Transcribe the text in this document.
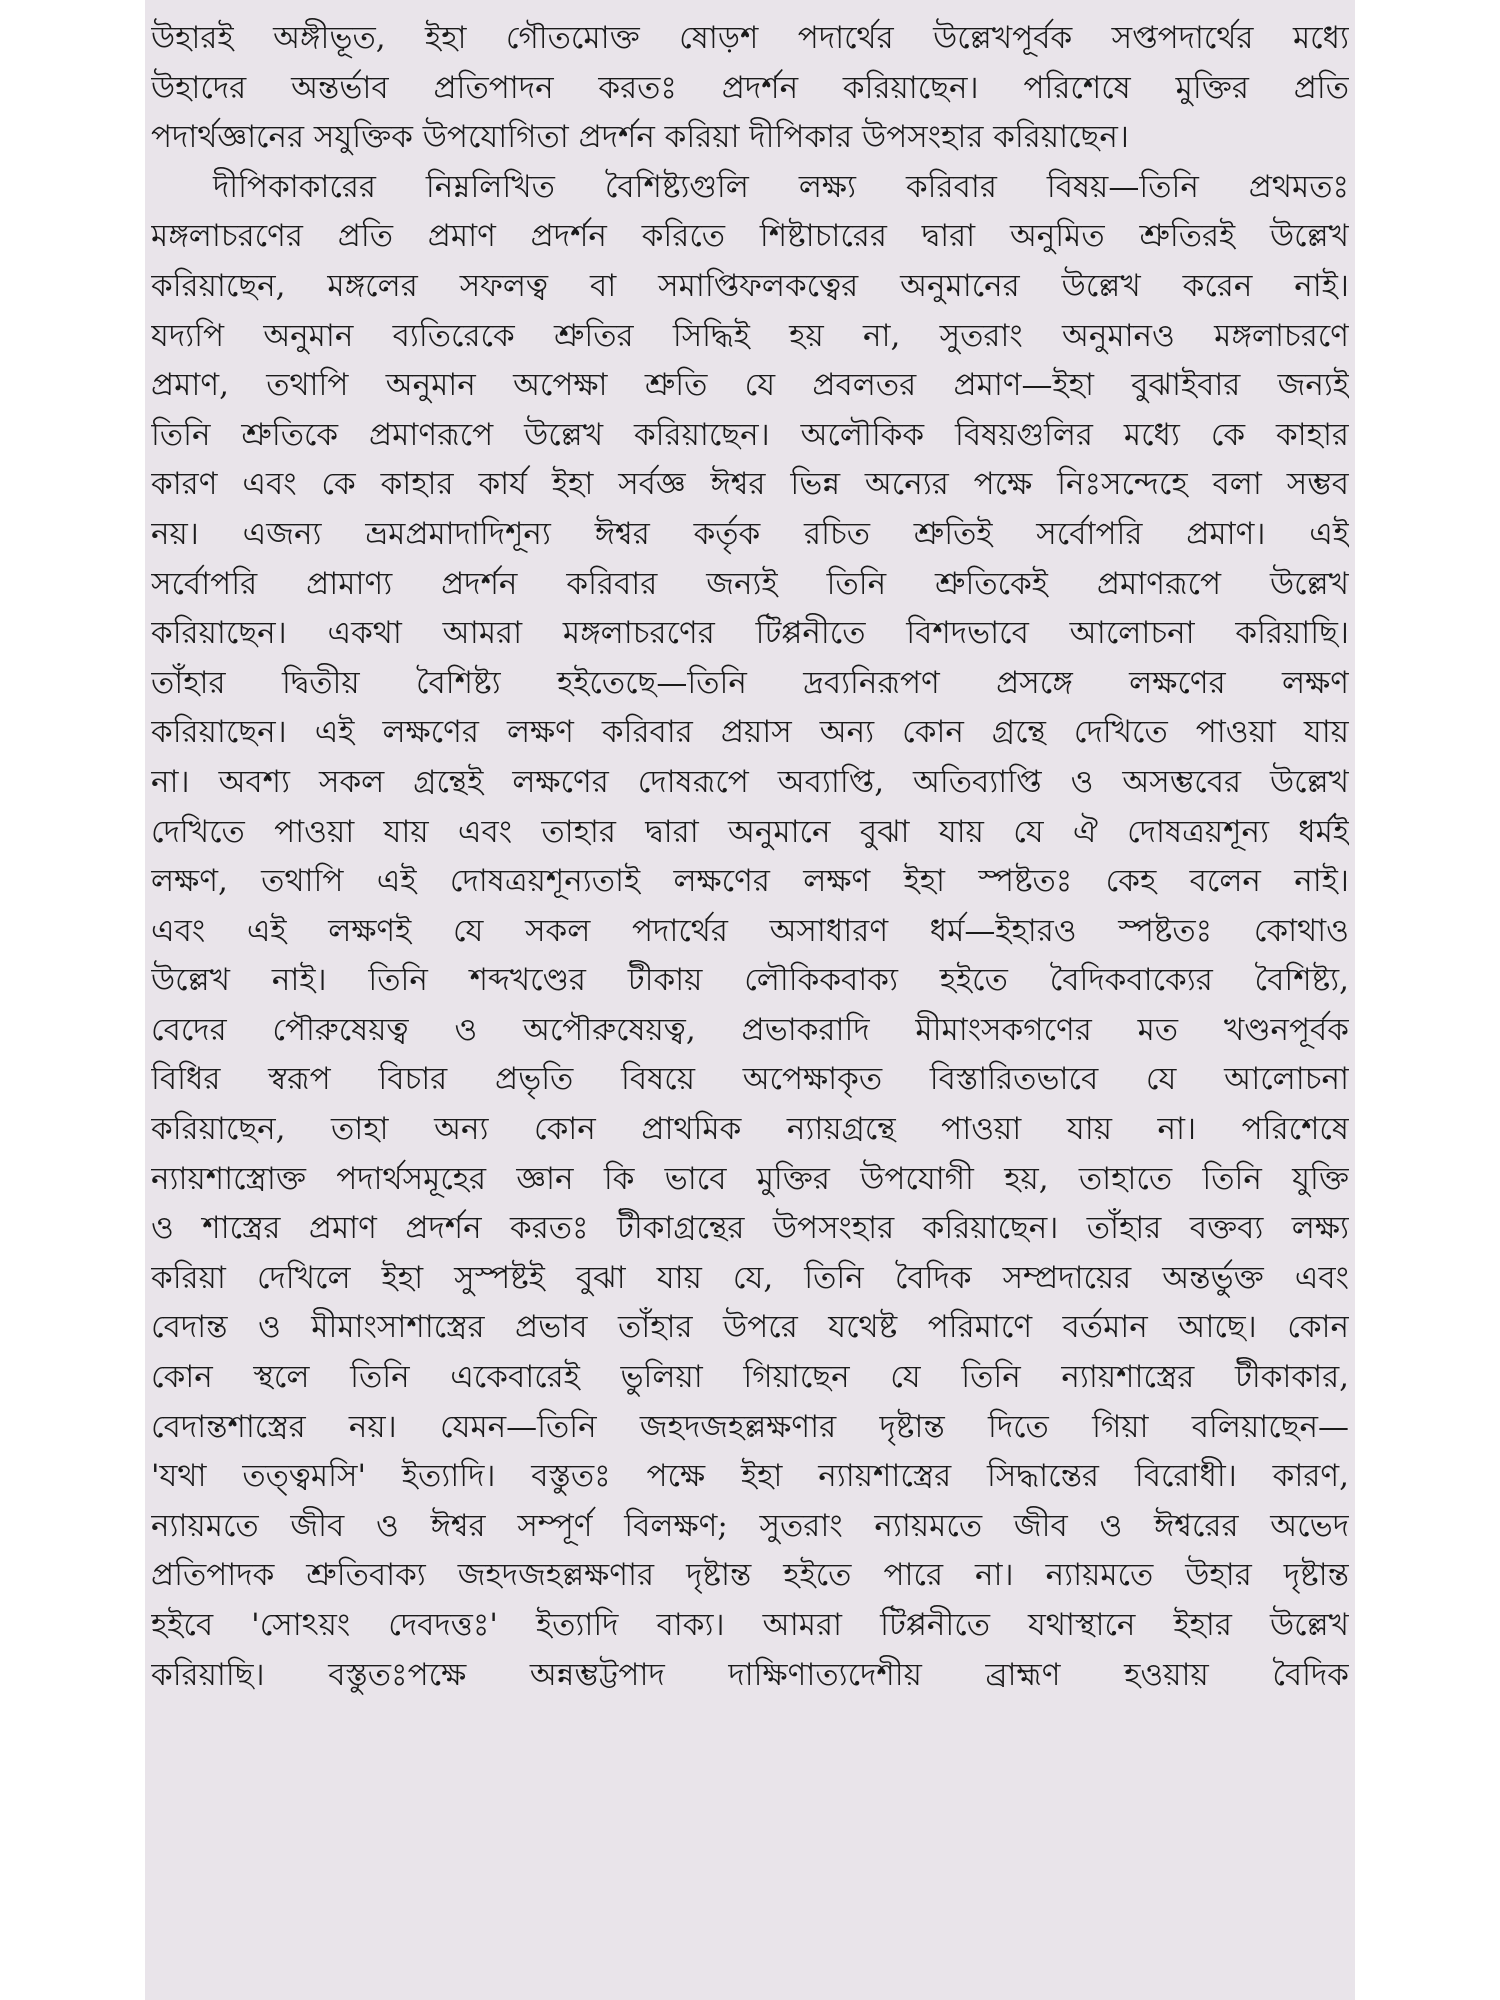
উহারই অঙ্গীভূত, ইহা গৌতমোক্ত ষোড়শ পদার্থের উল্লেখপূর্বক সপ্তপদার্থের মধ্যে
উহাদের অন্তর্ভাব প্রতিপাদন করতঃ প্রদর্শন করিয়াছেন। পরিশেষে মুক্তির প্রতি
পদার্থজ্ঞানের সযুক্তিক উপযোগিতা প্রদর্শন করিয়া দীপিকার উপসংহার করিয়াছেন।
দীপিকাকারের নিম্নলিখিত বৈশিষ্ট্যগুলি লক্ষ্য করিবার বিষয়—তিনি প্রথমতঃ
মঙ্গলাচরণের প্রতি প্রমাণ প্রদর্শন করিতে শিষ্টাচারের দ্বারা অনুমিত শ্রুতিরই উল্লেখ
করিয়াছেন, মঙ্গলের সফলত্ব বা সমাপ্তিফলকত্বের অনুমানের উল্লেখ করেন নাই।
যদ্যপি অনুমান ব্যতিরেকে শ্রুতির সিদ্ধিই হয় না, সুতরাং অনুমানও মঙ্গলাচরণে
প্রমাণ, তথাপি অনুমান অপেক্ষা শ্রুতি যে প্রবলতর প্রমাণ—ইহা বুঝাইবার জন্যই
তিনি শ্রুতিকে প্রমাণরূপে উল্লেখ করিয়াছেন। অলৌকিক বিষয়গুলির মধ্যে কে কাহার
কারণ এবং কে কাহার কার্য ইহা সর্বজ্ঞ ঈশ্বর ভিন্ন অন্যের পক্ষে নিঃসন্দেহে বলা সম্ভব
নয়। এজন্য ভ্রমপ্রমাদাদিশূন্য ঈশ্বর কর্তৃক রচিত শ্রুতিই সর্বোপরি প্রমাণ। এই
সর্বোপরি প্রামাণ্য প্রদর্শন করিবার জন্যই তিনি শ্রুতিকেই প্রমাণরূপে উল্লেখ
করিয়াছেন। একথা আমরা মঙ্গলাচরণের টিপ্পনীতে বিশদভাবে আলোচনা করিয়াছি।
তাঁহার দ্বিতীয় বৈশিষ্ট্য হইতেছে—তিনি দ্রব্যনিরূপণ প্রসঙ্গে লক্ষণের লক্ষণ
করিয়াছেন। এই লক্ষণের লক্ষণ করিবার প্রয়াস অন্য কোন গ্রন্থে দেখিতে পাওয়া যায়
না। অবশ্য সকল গ্রন্থেই লক্ষণের দোষরূপে অব্যাপ্তি, অতিব্যাপ্তি ও অসম্ভবের উল্লেখ
দেখিতে পাওয়া যায় এবং তাহার দ্বারা অনুমানে বুঝা যায় যে ঐ দোষত্রয়শূন্য ধর্মই
লক্ষণ, তথাপি এই দোষত্রয়শূন্যতাই লক্ষণের লক্ষণ ইহা স্পষ্টতঃ কেহ বলেন নাই।
এবং এই লক্ষণই যে সকল পদার্থের অসাধারণ ধর্ম—ইহারও স্পষ্টতঃ কোথাও
উল্লেখ নাই। তিনি শব্দখণ্ডের টীকায় লৌকিকবাক্য হইতে বৈদিকবাক্যের বৈশিষ্ট্য,
বেদের পৌরুষেয়ত্ব ও অপৌরুষেয়ত্ব, প্রভাকরাদি মীমাংসকগণের মত খণ্ডনপূর্বক
বিধির স্বরূপ বিচার প্রভৃতি বিষয়ে অপেক্ষাকৃত বিস্তারিতভাবে যে আলোচনা
করিয়াছেন, তাহা অন্য কোন প্রাথমিক ন্যায়গ্রন্থে পাওয়া যায় না। পরিশেষে
ন্যায়শাস্ত্রোক্ত পদার্থসমূহের জ্ঞান কি ভাবে মুক্তির উপযোগী হয়, তাহাতে তিনি যুক্তি
ও শাস্ত্রের প্রমাণ প্রদর্শন করতঃ টীকাগ্রন্থের উপসংহার করিয়াছেন। তাঁহার বক্তব্য লক্ষ্য
করিয়া দেখিলে ইহা সুস্পষ্টই বুঝা যায় যে, তিনি বৈদিক সম্প্রদায়ের অন্তর্ভুক্ত এবং
বেদান্ত ও মীমাংসাশাস্ত্রের প্রভাব তাঁহার উপরে যথেষ্ট পরিমাণে বর্তমান আছে। কোন
কোন স্থলে তিনি একেবারেই ভুলিয়া গিয়াছেন যে তিনি ন্যায়শাস্ত্রের টীকাকার,
বেদান্তশাস্ত্রের নয়। যেমন—তিনি জহদজহল্লক্ষণার দৃষ্টান্ত দিতে গিয়া বলিয়াছেন—
'যথা তত্ত্বমসি' ইত্যাদি। বস্তুতঃ পক্ষে ইহা ন্যায়শাস্ত্রের সিদ্ধান্তের বিরোধী। কারণ,
ন্যায়মতে জীব ও ঈশ্বর সম্পূর্ণ বিলক্ষণ; সুতরাং ন্যায়মতে জীব ও ঈশ্বরের অভেদ
প্রতিপাদক শ্রুতিবাক্য জহদজহল্লক্ষণার দৃষ্টান্ত হইতে পারে না। ন্যায়মতে উহার দৃষ্টান্ত
হইবে 'সোঽয়ং দেবদত্তঃ' ইত্যাদি বাক্য। আমরা টিপ্পনীতে যথাস্থানে ইহার উল্লেখ
করিয়াছি। বস্তুতঃপক্ষে অন্নম্ভট্টপাদ দাক্ষিণাত্যদেশীয় ব্রাহ্মণ হওয়ায় বৈদিক
